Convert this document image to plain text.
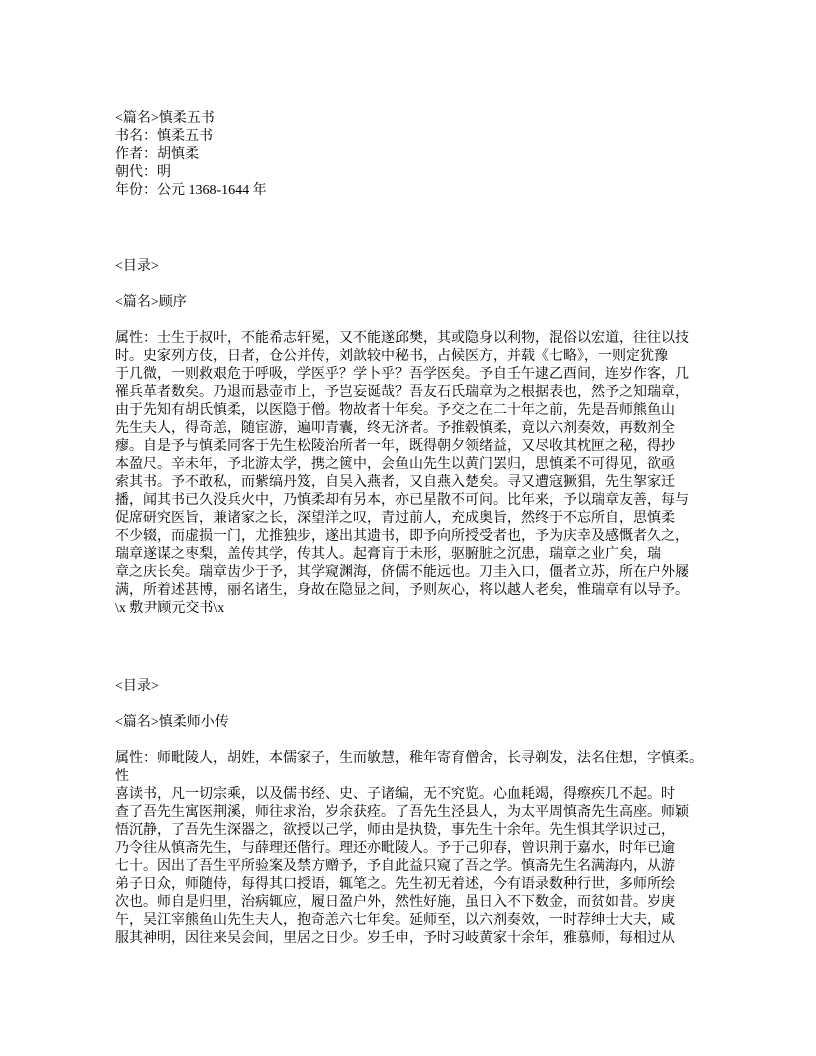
<篇名>慎柔五书
书名：慎柔五书
作者：胡慎柔
朝代：明
年份：公元 1368-1644 年
<目录>
<篇名>顾序
属性：士生于叔叶，不能希志轩冕，又不能遂邱樊，其或隐身以利物，混俗以宏道，往往以技
时。史家列方伎，日者，仓公并传，刘歆较中秘书，占候医方，并载《七略》，一则定犹豫
于几微，一则救艰危于呼吸，学医乎？学卜乎？吾学医矣。予自壬午逮乙酉间，连岁作客，几
罹兵革者数矣。乃退而悬壶市上，予岂妄诞哉？吾友石氏瑞章为之根据表也，然予之知瑞章，
由于先知有胡氏慎柔，以医隐于僧。物故者十年矣。予交之在二十年之前，先是吾师熊鱼山
先生夫人，得奇恙，随宦游，遍叩青囊，终无济者。予推毂慎柔，竟以六剂奏效，再数剂全
瘳。自是予与慎柔同客于先生松陵治所者一年，既得朝夕领绪益，又尽收其枕匣之秘，得抄
本盈尺。辛未年，予北游太学，携之篋中，会鱼山先生以黄门罢归，思慎柔不可得见，欲亟
索其书。予不敢私，而紫缟丹笈，自吴入燕者，又自燕入楚矣。寻又遭寇獗猖，先生挐家迁
播，闻其书已久没兵火中，乃慎柔却有另本，亦已星散不可问。比年来，予以瑞章友善，每与
促席研究医旨，兼诸家之长，深望洋之叹，青过前人，充成奥旨，然终于不忘所自，思慎柔
不少辍，而虚损一门，尤推独步，遂出其遗书，即予向所授受者也，予为庆幸及感慨者久之，
瑞章遂谋之枣梨，盖传其学，传其人。起膏肓于未形，驱腑脏之沉患，瑞章之业广矣，瑞
章之庆长矣。瑞章齿少于予，其学窥渊海，侪儒不能远也。刀圭入口，僵者立苏，所在户外屦
满，所着述甚博，丽名诸生，身故在隐显之间，予则灰心，将以越人老矣，惟瑞章有以导予。
\x 敷尹顾元交书\x
<目录>
<篇名>慎柔师小传
属性：师毗陵人，胡姓，本儒家子，生而敏慧，稚年寄育僧舍，长寻剃发，法名住想，字慎柔。
性
喜读书，凡一切宗乘，以及儒书经、史、子诸编，无不究览。心血耗竭，得瘵疾几不起。时
查了吾先生寓医荆溪，师往求治，岁余获痊。了吾先生泾县人，为太平周慎斋先生高座。师颖
悟沉静，了吾先生深器之，欲授以己学，师由是执贽，事先生十余年。先生惧其学识过己，
乃令往从慎斋先生，与薛理还偕行。理还亦毗陵人。予于己卯春，曾识荆于嘉水，时年已逾
七十。因出了吾生平所验案及禁方赠予，予自此益只窥了吾之学。慎斋先生名满海内，从游
弟子日众，师随侍，每得其口授语，辄笔之。先生初无着述，今有语录数种行世，多师所绘
次也。师自是归里，治病辄应，履日盈户外，然性好施，虽日入不下数金，而贫如昔。岁庚
午，吴江宰熊鱼山先生夫人，抱奇恙六七年矣。延师至，以六剂奏效，一时荐绅士大夫，咸
服其神明，因往来吴会间，里居之日少。岁壬申，予时习岐黄家十余年，雅慕师，每相过从
